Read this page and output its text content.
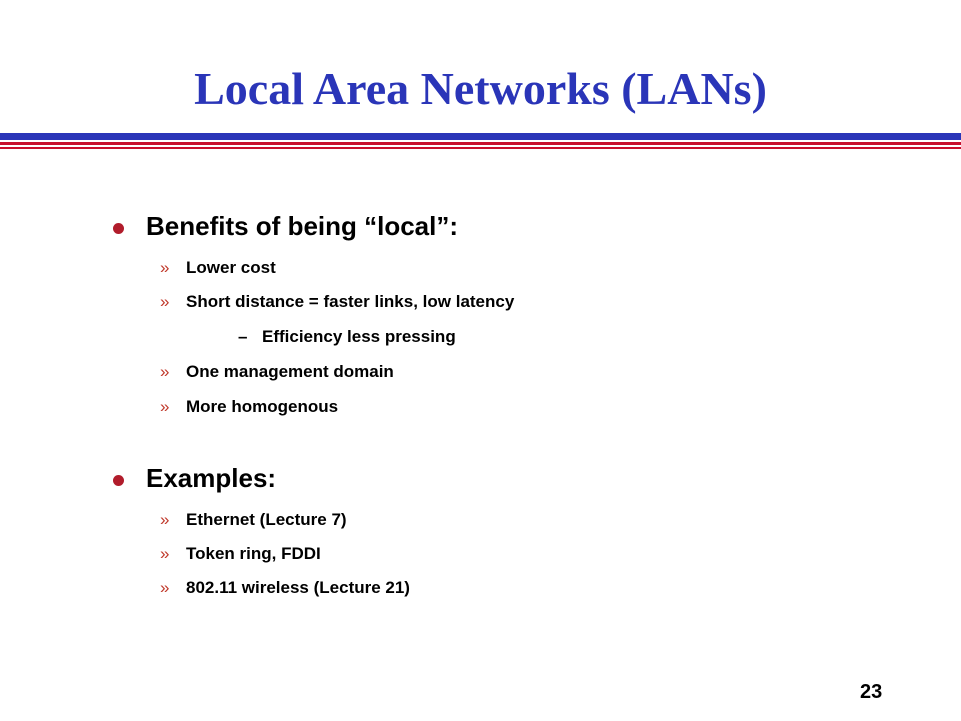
Local Area Networks (LANs)
Benefits of being “local”:
» Lower cost
» Short distance = faster links, low latency
– Efficiency less pressing
» One management domain
» More homogenous
Examples:
» Ethernet (Lecture 7)
» Token ring, FDDI
» 802.11 wireless (Lecture 21)
23
